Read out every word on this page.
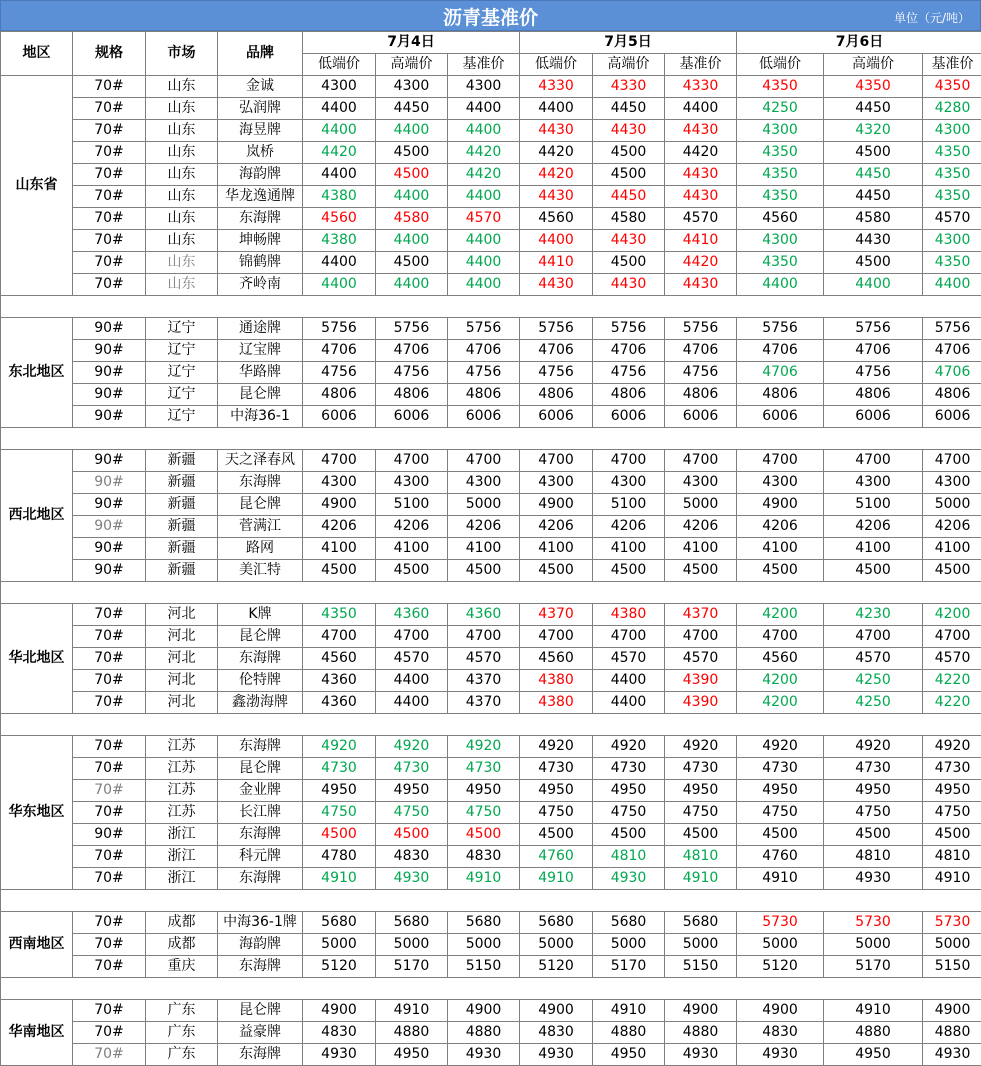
沥青基准价	单位（元/吨）
地区	规格	市场	品牌	7月4日			7月5日			7月6日		
				低端价	高端价	基准价	低端价	高端价	基准价	低端价	高端价	基准价
山东省	70#	山东	金诚	4300	4300	4300	4330	4330	4330	4350	4350	4350
	70#	山东	弘润牌	4400	4450	4400	4400	4450	4400	4250	4450	4280
	70#	山东	海昱牌	4400	4400	4400	4430	4430	4430	4300	4320	4300
	70#	山东	岚桥	4420	4500	4420	4420	4500	4420	4350	4500	4350
	70#	山东	海韵牌	4400	4500	4420	4420	4500	4430	4350	4450	4350
	70#	山东	华龙逸通牌	4380	4400	4400	4430	4450	4430	4350	4450	4350
	70#	山东	东海牌	4560	4580	4570	4560	4580	4570	4560	4580	4570
	70#	山东	坤畅牌	4380	4400	4400	4400	4430	4410	4300	4430	4300
	70#	山东	锦鹤牌	4400	4500	4400	4410	4500	4420	4350	4500	4350
	70#	山东	齐岭南	4400	4400	4400	4430	4430	4430	4400	4400	4400

东北地区	90#	辽宁	通途牌	5756	5756	5756	5756	5756	5756	5756	5756	5756
	90#	辽宁	辽宝牌	4706	4706	4706	4706	4706	4706	4706	4706	4706
	90#	辽宁	华路牌	4756	4756	4756	4756	4756	4756	4706	4756	4706
	90#	辽宁	昆仑牌	4806	4806	4806	4806	4806	4806	4806	4806	4806
	90#	辽宁	中海36-1	6006	6006	6006	6006	6006	6006	6006	6006	6006

西北地区	90#	新疆	天之泽春风	4700	4700	4700	4700	4700	4700	4700	4700	4700
	90#	新疆	东海牌	4300	4300	4300	4300	4300	4300	4300	4300	4300
	90#	新疆	昆仑牌	4900	5100	5000	4900	5100	5000	4900	5100	5000
	90#	新疆	菅满江	4206	4206	4206	4206	4206	4206	4206	4206	4206
	90#	新疆	路网	4100	4100	4100	4100	4100	4100	4100	4100	4100
	90#	新疆	美汇特	4500	4500	4500	4500	4500	4500	4500	4500	4500

华北地区	70#	河北	K牌	4350	4360	4360	4370	4380	4370	4200	4230	4200
	70#	河北	昆仑牌	4700	4700	4700	4700	4700	4700	4700	4700	4700
	70#	河北	东海牌	4560	4570	4570	4560	4570	4570	4560	4570	4570
	70#	河北	伦特牌	4360	4400	4370	4380	4400	4390	4200	4250	4220
	70#	河北	鑫渤海牌	4360	4400	4370	4380	4400	4390	4200	4250	4220

华东地区	70#	江苏	东海牌	4920	4920	4920	4920	4920	4920	4920	4920	4920
	70#	江苏	昆仑牌	4730	4730	4730	4730	4730	4730	4730	4730	4730
	70#	江苏	金业牌	4950	4950	4950	4950	4950	4950	4950	4950	4950
	70#	江苏	长江牌	4750	4750	4750	4750	4750	4750	4750	4750	4750
	90#	浙江	东海牌	4500	4500	4500	4500	4500	4500	4500	4500	4500
	70#	浙江	科元牌	4780	4830	4830	4760	4810	4810	4760	4810	4810
	70#	浙江	东海牌	4910	4930	4910	4910	4930	4910	4910	4930	4910

西南地区	70#	成都	中海36-1牌	5680	5680	5680	5680	5680	5680	5730	5730	5730
	70#	成都	海韵牌	5000	5000	5000	5000	5000	5000	5000	5000	5000
	70#	重庆	东海牌	5120	5170	5150	5120	5170	5150	5120	5170	5150

华南地区	70#	广东	昆仑牌	4900	4910	4900	4900	4910	4900	4900	4910	4900
	70#	广东	益豪牌	4830	4880	4880	4830	4880	4880	4830	4880	4880
	70#	广东	东海牌	4930	4950	4930	4930	4950	4930	4930	4950	4930
